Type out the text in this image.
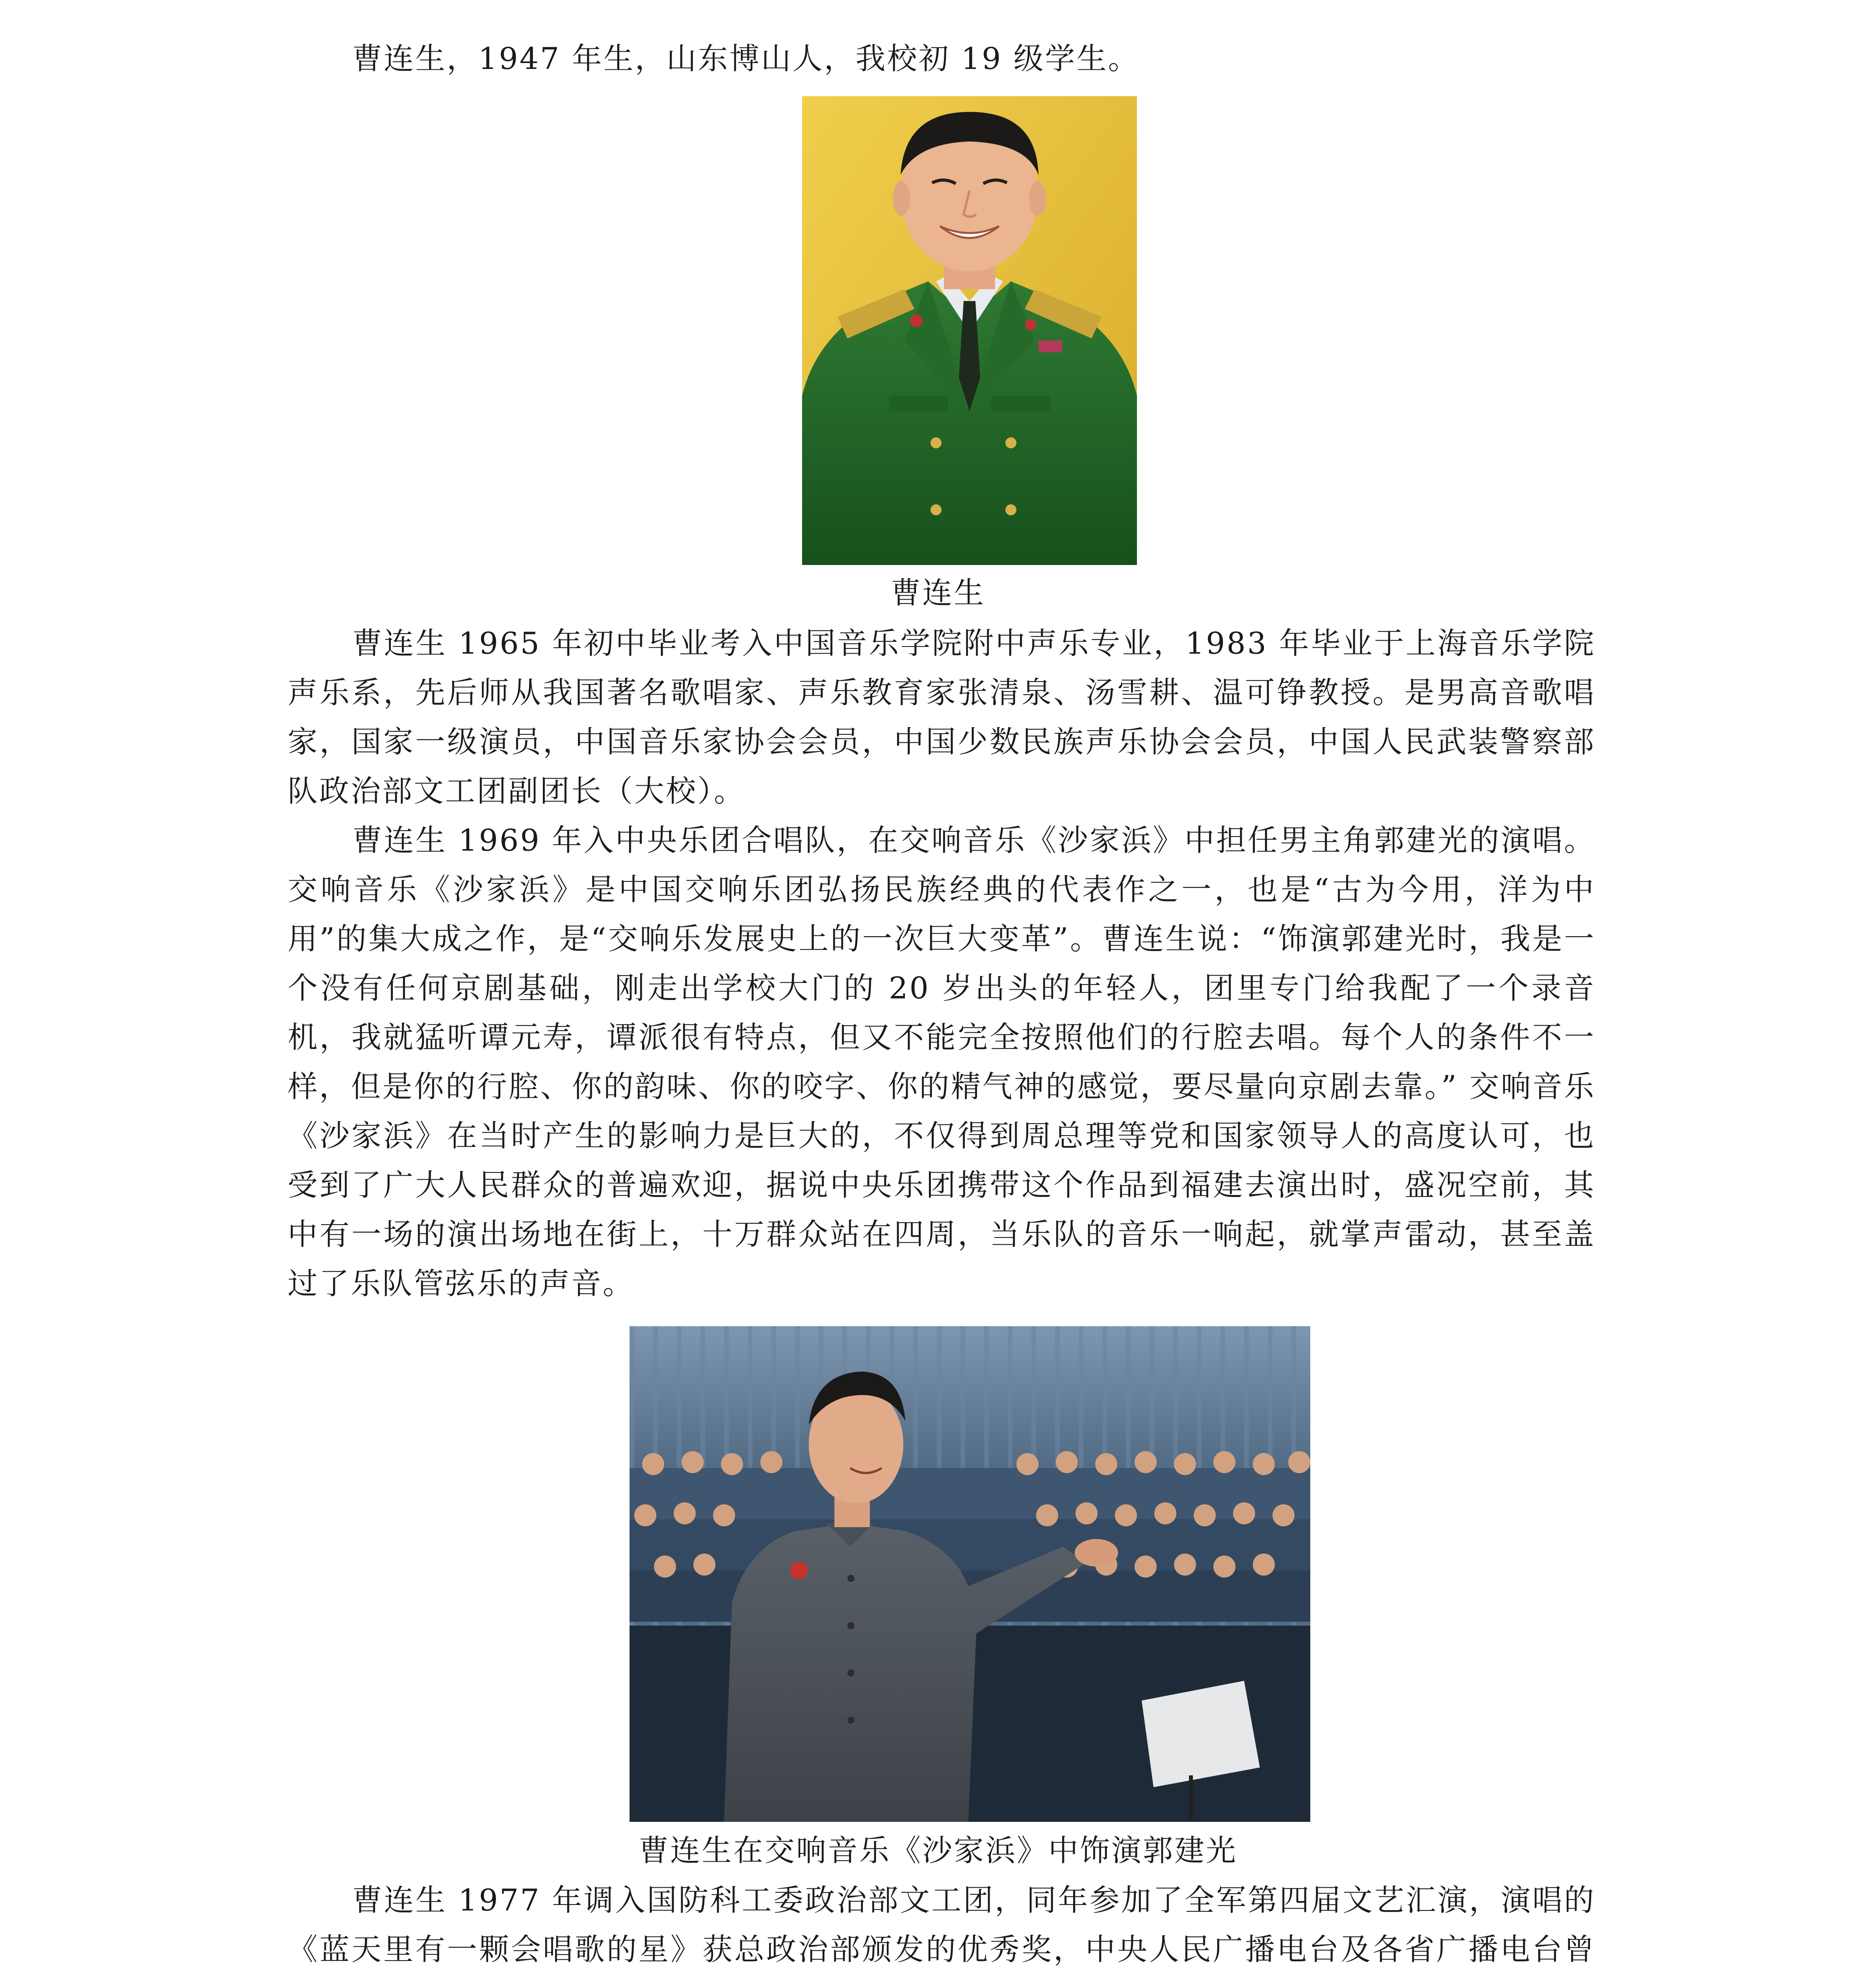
曹连生，1947 年生，山东博山人，我校初 19 级学生。

曹连生

曹连生 1965 年初中毕业考入中国音乐学院附中声乐专业，1983 年毕业于上海音乐学院声乐系，先后师从我国著名歌唱家、声乐教育家张清泉、汤雪耕、温可铮教授。是男高音歌唱家，国家一级演员，中国音乐家协会会员，中国少数民族声乐协会会员，中国人民武装警察部队政治部文工团副团长（大校）。

曹连生 1969 年入中央乐团合唱队，在交响音乐《沙家浜》中担任男主角郭建光的演唱。交响音乐《沙家浜》是中国交响乐团弘扬民族经典的代表作之一，也是“古为今用，洋为中用”的集大成之作，是“交响乐发展史上的一次巨大变革”。曹连生说：“饰演郭建光时，我是一个没有任何京剧基础，刚走出学校大门的 20 岁出头的年轻人，团里专门给我配了一个录音机，我就猛听谭元寿，谭派很有特点，但又不能完全按照他们的行腔去唱。每个人的条件不一样，但是你的行腔、你的韵味、你的咬字、你的精气神的感觉，要尽量向京剧去靠。” 交响音乐《沙家浜》在当时产生的影响力是巨大的，不仅得到周总理等党和国家领导人的高度认可，也受到了广大人民群众的普遍欢迎，据说中央乐团携带这个作品到福建去演出时，盛况空前，其中有一场的演出场地在街上，十万群众站在四周，当乐队的音乐一响起，就掌声雷动，甚至盖过了乐队管弦乐的声音。

曹连生在交响音乐《沙家浜》中饰演郭建光

曹连生 1977 年调入国防科工委政治部文工团，同年参加了全军第四届文艺汇演，演唱的《蓝天里有一颗会唱歌的星》获总政治部颁发的优秀奖，中央人民广播电台及各省广播电台曾
